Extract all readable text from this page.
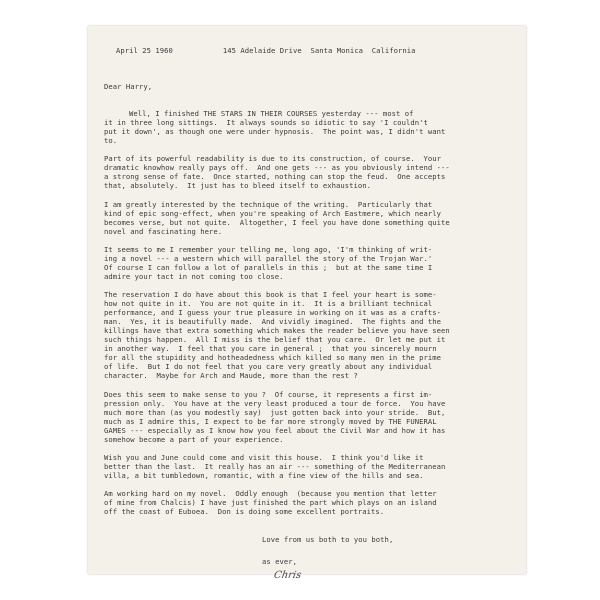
April 25 1960	145 Adelaide Drive  Santa Monica  California
Dear Harry,

Well, I finished THE STARS IN THEIR COURSES yesterday --- most of
it in three long sittings.  It always sounds so idiotic to say 'I couldn't
put it down', as though one were under hypnosis.  The point was, I didn't want
to.
Part of its powerful readability is due to its construction, of course.  Your
dramatic knowhow really pays off.  And one gets --- as you obviously intend ---
a strong sense of fate.  Once started, nothing can stop the feud.  One accepts
that, absolutely.  It just has to bleed itself to exhaustion.
I am greatly interested by the technique of the writing.  Particularly that
kind of epic song-effect, when you're speaking of Arch Eastmere, which nearly
becomes verse, but not quite.  Altogether, I feel you have done something quite
novel and fascinating here.
It seems to me I remember your telling me, long ago, 'I'm thinking of writ-
ing a novel --- a western which will parallel the story of the Trojan War.'
Of course I can follow a lot of parallels in this ;  but at the same time I
admire your tact in not coming too close.
The reservation I do have about this book is that I feel your heart is some-
how not quite in it.  You are not quite in it.  It is a brilliant technical
performance, and I guess your true pleasure in working on it was as a crafts-
man.  Yes, it is beautifully made.  And vividly imagined.  The fights and the
killings have that extra something which makes the reader believe you have seen
such things happen.  All I miss is the belief that you care.  Or let me put it
in another way.  I feel that you care in general ;  that you sincerely mourn
for all the stupidity and hotheadedness which killed so many men in the prime
of life.  But I do not feel that you care very greatly about any individual
character.  Maybe for Arch and Maude, more than the rest ?
Does this seem to make sense to you ?  Of course, it represents a first im-
pression only.  You have at the very least produced a tour de force.  You have
much more than (as you modestly say)  just gotten back into your stride.  But,
much as I admire this, I expect to be far more strongly moved by THE FUNERAL
GAMES --- especially as I know how you feel about the Civil War and how it has
somehow become a part of your experience.
Wish you and June could come and visit this house.  I think you'd like it
better than the last.  It really has an air --- something of the Mediterranean
villa, a bit tumbledown, romantic, with a fine view of the hills and sea.
Am working hard on my novel.  Oddly enough  (because you mention that letter
of mine from Chalcis) I have just finished the part which plays on an island
off the coast of Euboea.  Don is doing some excellent portraits.
Love from us both to you both,
as ever,
Chris
